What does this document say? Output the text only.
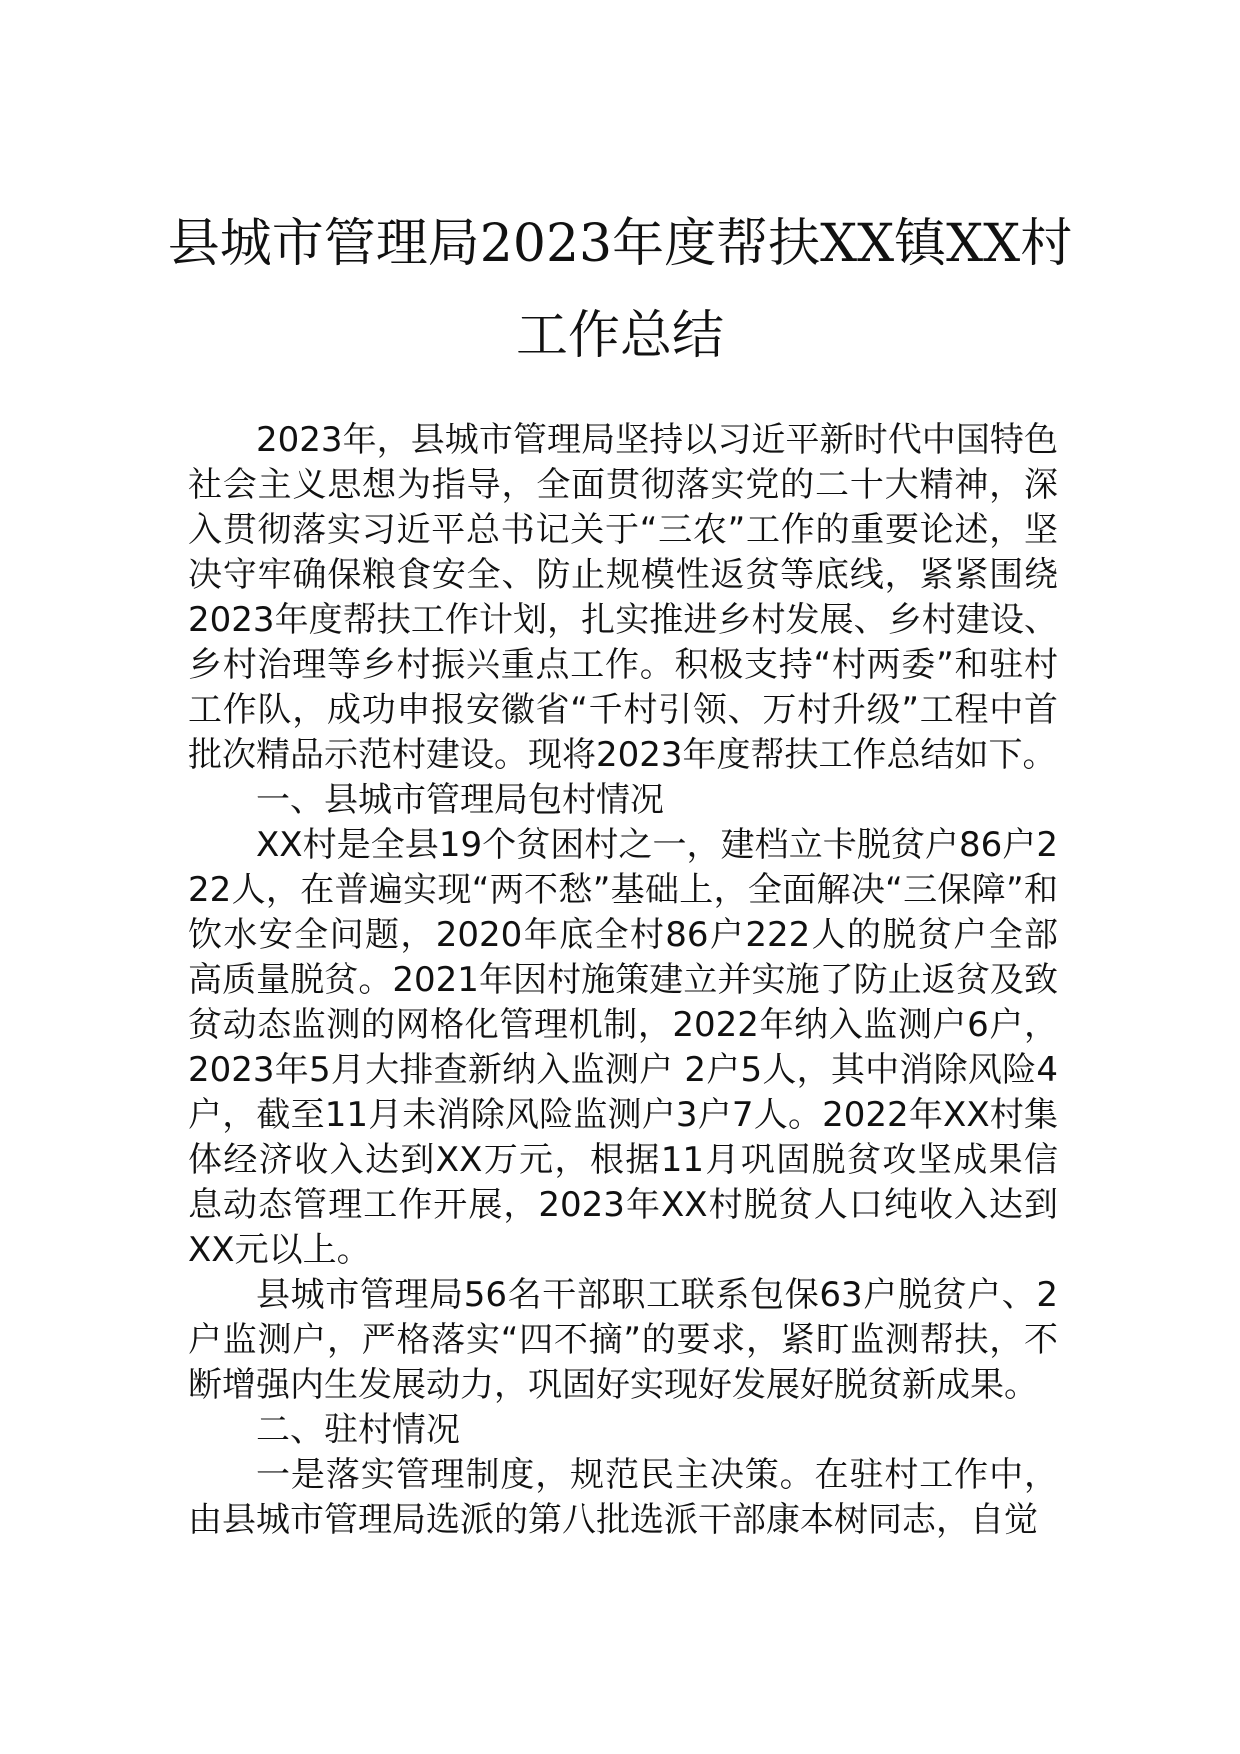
县城市管理局2023年度帮扶XX镇XX村
工作总结

2023年，县城市管理局坚持以习近平新时代中国特色社会主义思想为指导，全面贯彻落实党的二十大精神，深入贯彻落实习近平总书记关于“三农”工作的重要论述，坚决守牢确保粮食安全、防止规模性返贫等底线，紧紧围绕2023年度帮扶工作计划，扎实推进乡村发展、乡村建设、乡村治理等乡村振兴重点工作。积极支持“村两委”和驻村工作队，成功申报安徽省“千村引领、万村升级”工程中首批次精品示范村建设。现将2023年度帮扶工作总结如下。

一、县城市管理局包村情况

XX村是全县19个贫困村之一，建档立卡脱贫户86户222人，在普遍实现“两不愁”基础上，全面解决“三保障”和饮水安全问题，2020年底全村86户222人的脱贫户全部高质量脱贫。2021年因村施策建立并实施了防止返贫及致贫动态监测的网格化管理机制，2022年纳入监测户6户，2023年5月大排查新纳入监测户 2户5人，其中消除风险4户，截至11月未消除风险监测户3户7人。2022年XX村集体经济收入达到XX万元，根据11月巩固脱贫攻坚成果信息动态管理工作开展，2023年XX村脱贫人口纯收入达到XX元以上。

县城市管理局56名干部职工联系包保63户脱贫户、2户监测户，严格落实“四不摘”的要求，紧盯监测帮扶，不断增强内生发展动力，巩固好实现好发展好脱贫新成果。

二、驻村情况

一是落实管理制度，规范民主决策。在驻村工作中，由县城市管理局选派的第八批选派干部康本树同志，自觉
